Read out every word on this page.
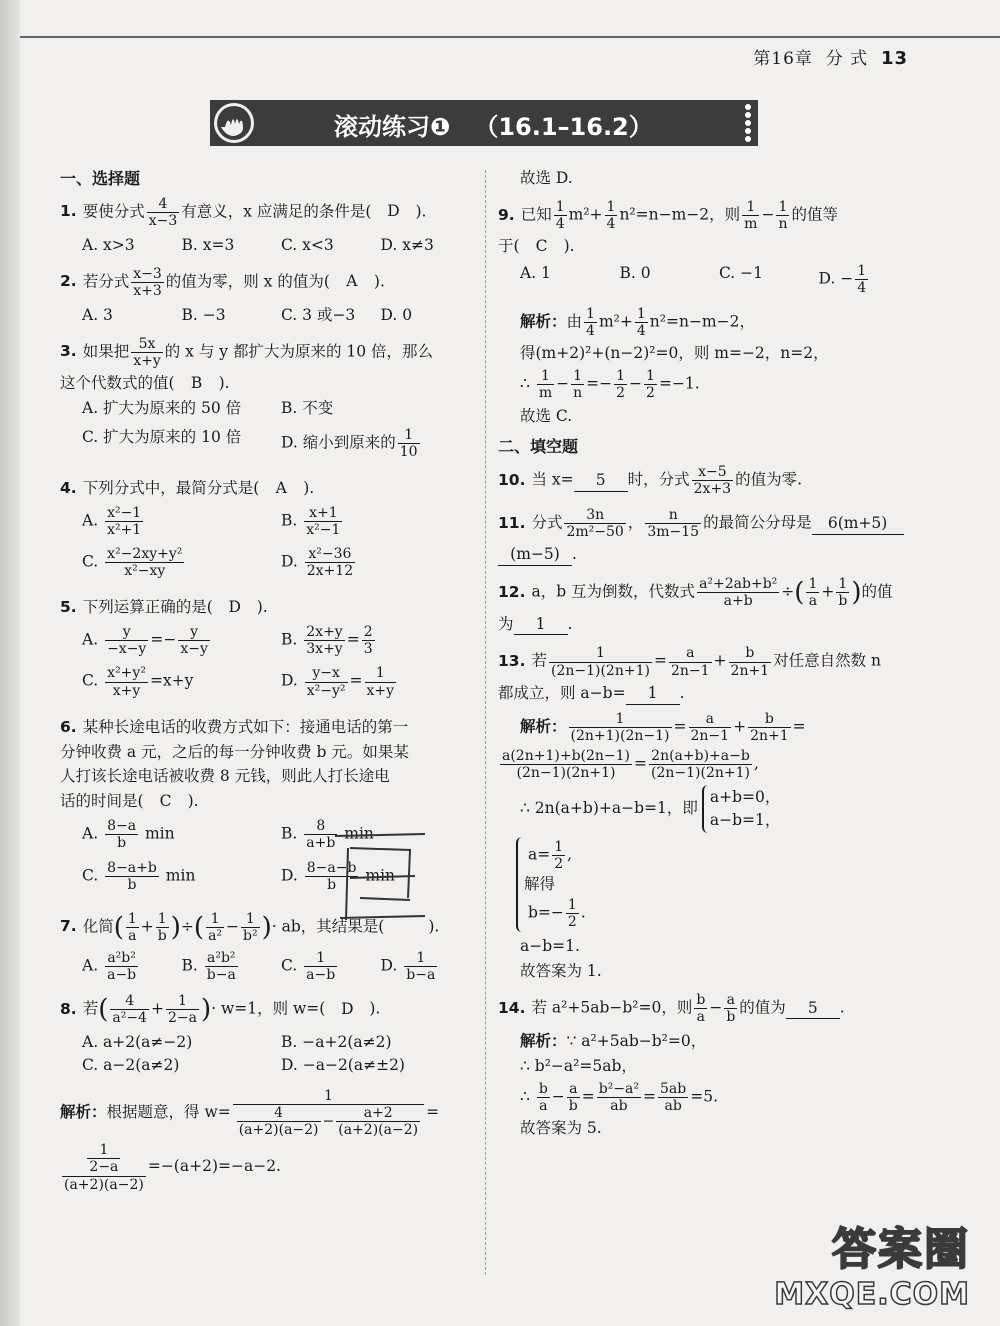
第16章 分 式 13
滚动练习❶ （16.1–16.2）
一、选择题
1. 要使分式 $\frac{4}{x-3}$ 有意义，x 应满足的条件是( D ).
A. x>3	B. x=3	C. x<3	D. x≠3
2. 若分式 $\frac{x-3}{x+3}$ 的值为零，则 x 的值为( A ).
A. 3	B. −3	C. 3 或−3	D. 0
3. 如果把 $\frac{5x}{x+y}$ 的 x 与 y 都扩大为原来的 10 倍，那么
这个代数式的值( B ).
A. 扩大为原来的 50 倍	B. 不变
C. 扩大为原来的 10 倍	D. 缩小到原来的 $\frac{1}{10}$
4. 下列分式中，最简分式是( A ).
A. $\frac{\text{x²−1}}{\text{x²+1}}$	B. $\frac{x+1}{\text{x²−1}}$
C. $\frac{\text{x²−2xy+y²}}{\text{x²−xy}}$	D. $\frac{\text{x²−36}}{2x+12}$
5. 下列运算正确的是( D ).
A. $\frac{y}{-x-y} =- \frac{y}{x-y}$	B. $\frac{2x+y}{3x+y} = \frac{2}{3}$
C. $\frac{\text{x²+y²}}{x+y} =x+y$	D. $\frac{y-x}{\text{x²−y²}} = \frac{1}{x+y}$
6. 某种长途电话的收费方式如下：接通电话的第一
分钟收费 a 元，之后的每一分钟收费 b 元。如果某
人打该长途电话被收费 8 元钱，则此人打长途电
话的时间是( C ).
A. $\frac{8-a}{b}$ min	B. $\frac{8}{a+b}$ min
C. $\frac{8-a+b}{b}$ min	D. $\frac{8-a-b}{b}$ min
7. 化简( $\frac{1}{a} + \frac{1}{b}$ )÷( $\frac{1}{\text{a²}} - \frac{1}{\text{b²}}$ )· ab，其结果是(	).
A. $\frac{\text{a²b²}}{a-b}$	B. $\frac{\text{a²b²}}{b-a}$	C. $\frac{1}{a-b}$	D. $\frac{1}{b-a}$
8. 若( $\frac{4}{\text{a²−4}} + \frac{1}{2-a}$ )· w=1，则 w=( D ).
A. a+2(a≠−2)	B. −a+2(a≠2)
C. a−2(a≠2)	D. −a−2(a≠±2)
解析：根据题意，得 $w= \frac{1}{\frac{4}{(a+2)(a-2)} - \frac{a+2}{(a+2)(a-2)}}$ =
$\frac{\frac{1}{2-a}}{(a+2)(a-2)} =-(a+2)=-a-2$.
故选 D.
9. 已知 $\frac{1}{4} m^2+ \frac{1}{4} n^2=n-m-2$，则 $\frac{1}{m} - \frac{1}{n}$ 的值等
于( C ).
A. 1	B. 0	C. −1	D. − $\frac{1}{4}$
解析：由 $\frac{1}{4} m^2+ \frac{1}{4} n^2=n-m-2$，
得(m+2)²+(n−2)²=0，则 m=−2，n=2，
∴ $\frac{1}{m} - \frac{1}{n} =- \frac{1}{2} - \frac{1}{2} =-1$.
故选 C.
二、填空题
10. 当 x= 5 时，分式 $\frac{x-5}{2x+3}$ 的值为零.
11. 分式 $\frac{3n}{\text{2m²−50}}$ ， $\frac{n}{3m-15}$ 的最简公分母是 6(m+5)
(m−5) .
12. a，b 互为倒数，代数式 $\frac{\text{a²+2ab+b²}}{a+b}$ ÷( $\frac{1}{a} + \frac{1}{b}$ )的值
为 1 .
13. 若 $\frac{1}{(2n-1)(2n+1)} = \frac{a}{2n-1} + \frac{b}{2n+1}$ 对任意自然数 n
都成立，则 a−b= 1 .
解析： $\frac{1}{(2n+1)(2n-1)} = \frac{a}{2n-1} + \frac{b}{2n+1}$ =
$\frac{a(2n+1)+b(2n-1)}{(2n-1)(2n+1)} = \frac{2n(a+b)+a-b}{(2n-1)(2n+1)}$ ,
∴ 2n(a+b)+a−b=1，即
a+b=0，
a−b=1，
$a= \frac{1}{2}$ ,
解得
$b=- \frac{1}{2}$ .
a−b=1.
故答案为 1.
14. 若 a²+5ab−b²=0，则 $\frac{b}{a} - \frac{a}{b}$ 的值为 5 .
解析：∵ a²+5ab−b²=0，
∴ b²−a²=5ab，
∴ $\frac{b}{a} - \frac{a}{b} = \frac{\text{b²−a²}}{ab} = \frac{5ab}{ab} =5$.
故答案为 5.
答案圈
MXQE.COM
